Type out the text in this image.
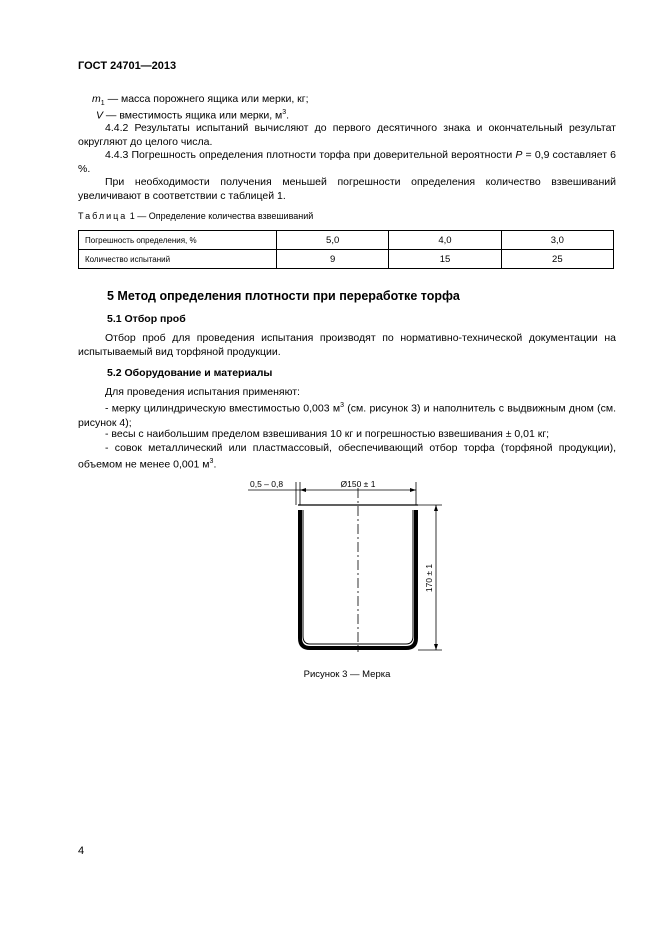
ГОСТ 24701—2013
$m_1$ — масса порожнего ящика или мерки, кг;
V — вместимость ящика или мерки, $м^3$.
4.4.2 Результаты испытаний вычисляют до первого десятичного знака и окончательный результат округляют до целого числа.
4.4.3 Погрешность определения плотности торфа при доверительной вероятности P = 0,9 составляет 6 %.
При необходимости получения меньшей погрешности определения количество взвешиваний увеличивают в соответствии с таблицей 1.
Таблица 1 — Определение количества взвешиваний
Погрешность определения, %	5,0	4,0	3,0
Количество испытаний	9	15	25
5 Метод определения плотности при переработке торфа
5.1 Отбор проб
Отбор проб для проведения испытания производят по нормативно-технической документации на испытываемый вид торфяной продукции.
5.2 Оборудование и материалы
Для проведения испытания применяют:
- мерку цилиндрическую вместимостью 0,003 $м^3$ (см. рисунок 3) и наполнитель с выдвижным дном (см. рисунок 4);
- весы с наибольшим пределом взвешивания 10 кг и погрешностью взвешивания ± 0,01 кг;
- совок металлический или пластмассовый, обеспечивающий отбор торфа (торфяной продукции), объемом не менее 0,001 $м^3$.
Ø150 ± 1
0,5 – 0,8
170 ± 1
Рисунок 3 — Мерка
4
